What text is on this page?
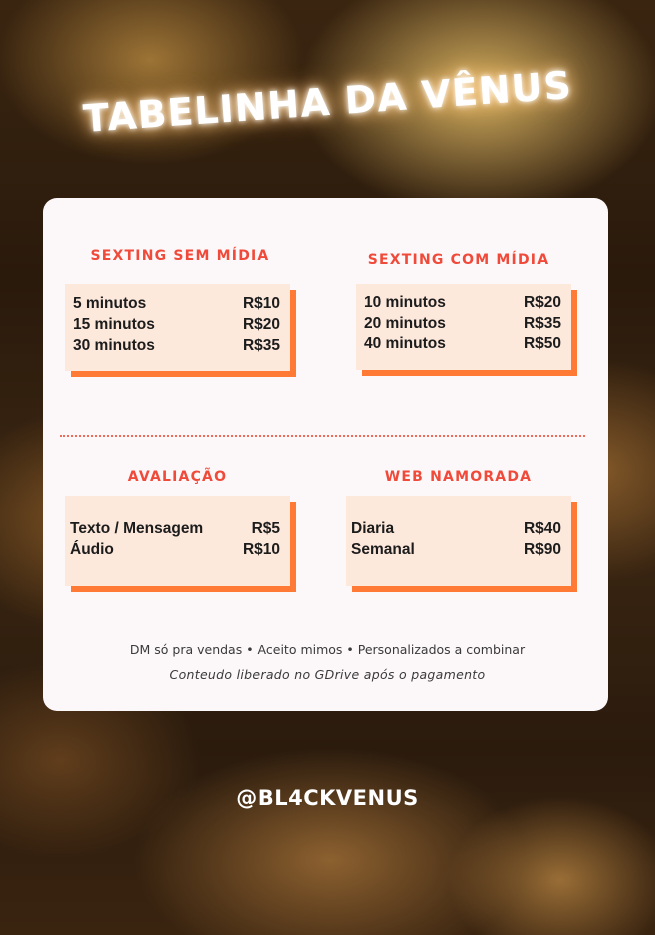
TABELINHA DA VÊNUS
SEXTING SEM MÍDIA
5 minutos	R$10
15 minutos	R$20
30 minutos	R$35
SEXTING COM MÍDIA
10 minutos	R$20
20 minutos	R$35
40 minutos	R$50
AVALIAÇÃO
Texto / Mensagem	R$5
Áudio	R$10
WEB NAMORADA
Diaria	R$40
Semanal	R$90
DM só pra vendas • Aceito mimos • Personalizados a combinar
Conteudo liberado no GDrive após o pagamento
@BL4CKVENUS
